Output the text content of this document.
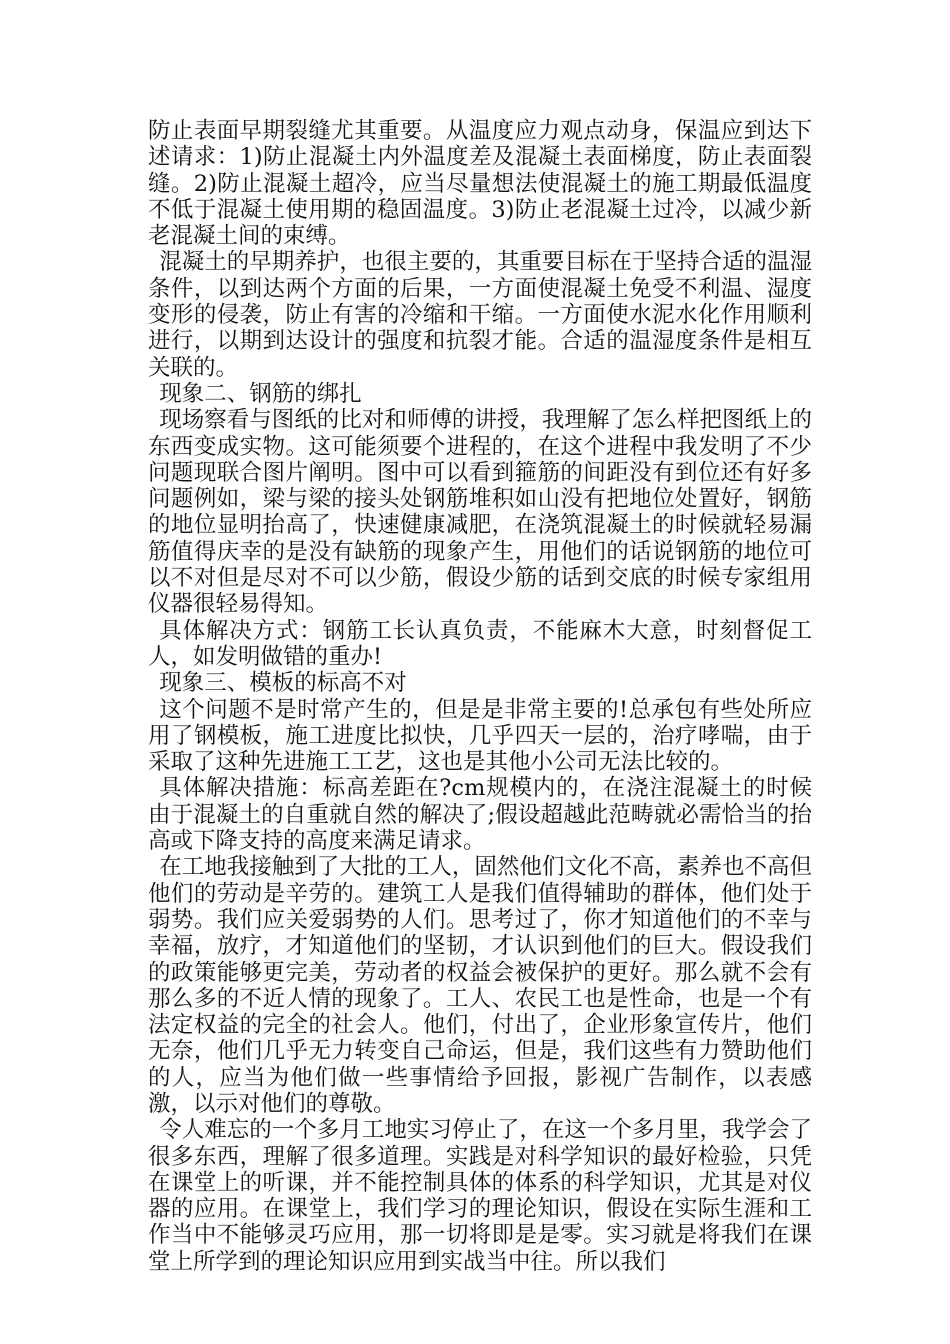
防止表面早期裂缝尤其重要。从温度应力观点动身，保温应到达下述请求：1)防止混凝土内外温度差及混凝土表面梯度，防止表面裂缝。2)防止混凝土超冷，应当尽量想法使混凝土的施工期最低温度不低于混凝土使用期的稳固温度。3)防止老混凝土过冷，以减少新老混凝土间的束缚。

混凝土的早期养护，也很主要的，其重要目标在于坚持合适的温湿条件，以到达两个方面的后果，一方面使混凝土免受不利温、湿度变形的侵袭，防止有害的冷缩和干缩。一方面使水泥水化作用顺利进行，以期到达设计的强度和抗裂才能。合适的温湿度条件是相互关联的。

现象二、钢筋的绑扎

现场察看与图纸的比对和师傅的讲授，我理解了怎么样把图纸上的东西变成实物。这可能须要个进程的，在这个进程中我发明了不少问题现联合图片阐明。图中可以看到箍筋的间距没有到位还有好多问题例如，梁与梁的接头处钢筋堆积如山没有把地位处置好，钢筋的地位显明抬高了，快速健康减肥，在浇筑混凝土的时候就轻易漏筋值得庆幸的是没有缺筋的现象产生，用他们的话说钢筋的地位可以不对但是尽对不可以少筋，假设少筋的话到交底的时候专家组用仪器很轻易得知。

具体解决方式：钢筋工长认真负责，不能麻木大意，时刻督促工人，如发明做错的重办!

现象三、模板的标高不对

这个问题不是时常产生的，但是是非常主要的!总承包有些处所应用了钢模板，施工进度比拟快，几乎四天一层的，治疗哮喘，由于采取了这种先进施工工艺，这也是其他小公司无法比较的。

具体解决措施：标高差距在?cm规模内的，在浇注混凝土的时候由于混凝土的自重就自然的解决了;假设超越此范畴就必需恰当的抬高或下降支持的高度来满足请求。

在工地我接触到了大批的工人，固然他们文化不高，素养也不高但他们的劳动是辛劳的。建筑工人是我们值得辅助的群体，他们处于弱势。我们应关爱弱势的人们。思考过了，你才知道他们的不幸与幸福，放疗，才知道他们的坚韧，才认识到他们的巨大。假设我们的政策能够更完美，劳动者的权益会被保护的更好。那么就不会有那么多的不近人情的现象了。工人、农民工也是性命，也是一个有法定权益的完全的社会人。他们，付出了，企业形象宣传片，他们无奈，他们几乎无力转变自己命运，但是，我们这些有力赞助他们的人，应当为他们做一些事情给予回报，影视广告制作，以表感激，以示对他们的尊敬。

令人难忘的一个多月工地实习停止了，在这一个多月里，我学会了很多东西，理解了很多道理。实践是对科学知识的最好检验，只凭在课堂上的听课，并不能控制具体的体系的科学知识，尤其是对仪器的应用。在课堂上，我们学习的理论知识，假设在实际生涯和工作当中不能够灵巧应用，那一切将即是是零。实习就是将我们在课堂上所学到的理论知识应用到实战当中往。所以我们
